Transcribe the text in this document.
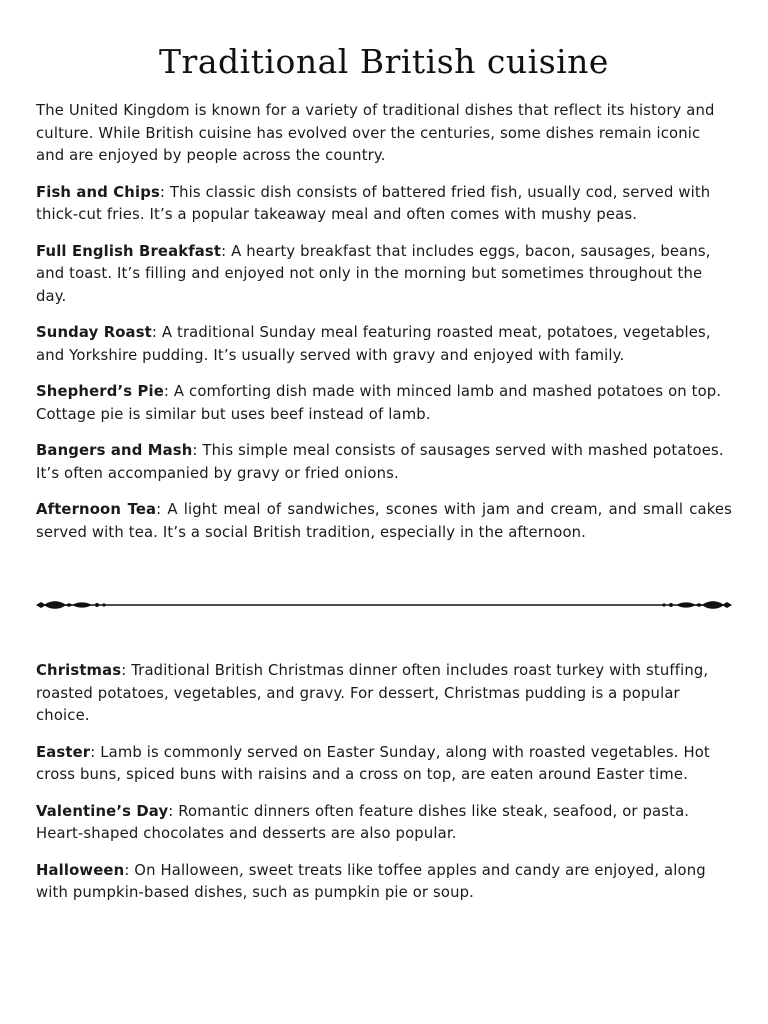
Traditional British cuisine

The United Kingdom is known for a variety of traditional dishes that reflect its history and culture. While British cuisine has evolved over the centuries, some dishes remain iconic and are enjoyed by people across the country.

Fish and Chips: This classic dish consists of battered fried fish, usually cod, served with thick-cut fries. It’s a popular takeaway meal and often comes with mushy peas.

Full English Breakfast: A hearty breakfast that includes eggs, bacon, sausages, beans, and toast. It’s filling and enjoyed not only in the morning but sometimes throughout the day.

Sunday Roast: A traditional Sunday meal featuring roasted meat, potatoes, vegetables, and Yorkshire pudding. It’s usually served with gravy and enjoyed with family.

Shepherd’s Pie: A comforting dish made with minced lamb and mashed potatoes on top. Cottage pie is similar but uses beef instead of lamb.

Bangers and Mash: This simple meal consists of sausages served with mashed potatoes. It’s often accompanied by gravy or fried onions.

Afternoon Tea: A light meal of sandwiches, scones with jam and cream, and small cakes served with tea. It’s a social British tradition, especially in the afternoon.

Christmas: Traditional British Christmas dinner often includes roast turkey with stuffing, roasted potatoes, vegetables, and gravy. For dessert, Christmas pudding is a popular choice.

Easter: Lamb is commonly served on Easter Sunday, along with roasted vegetables. Hot cross buns, spiced buns with raisins and a cross on top, are eaten around Easter time.

Valentine’s Day: Romantic dinners often feature dishes like steak, seafood, or pasta. Heart-shaped chocolates and desserts are also popular.

Halloween: On Halloween, sweet treats like toffee apples and candy are enjoyed, along with pumpkin-based dishes, such as pumpkin pie or soup.
